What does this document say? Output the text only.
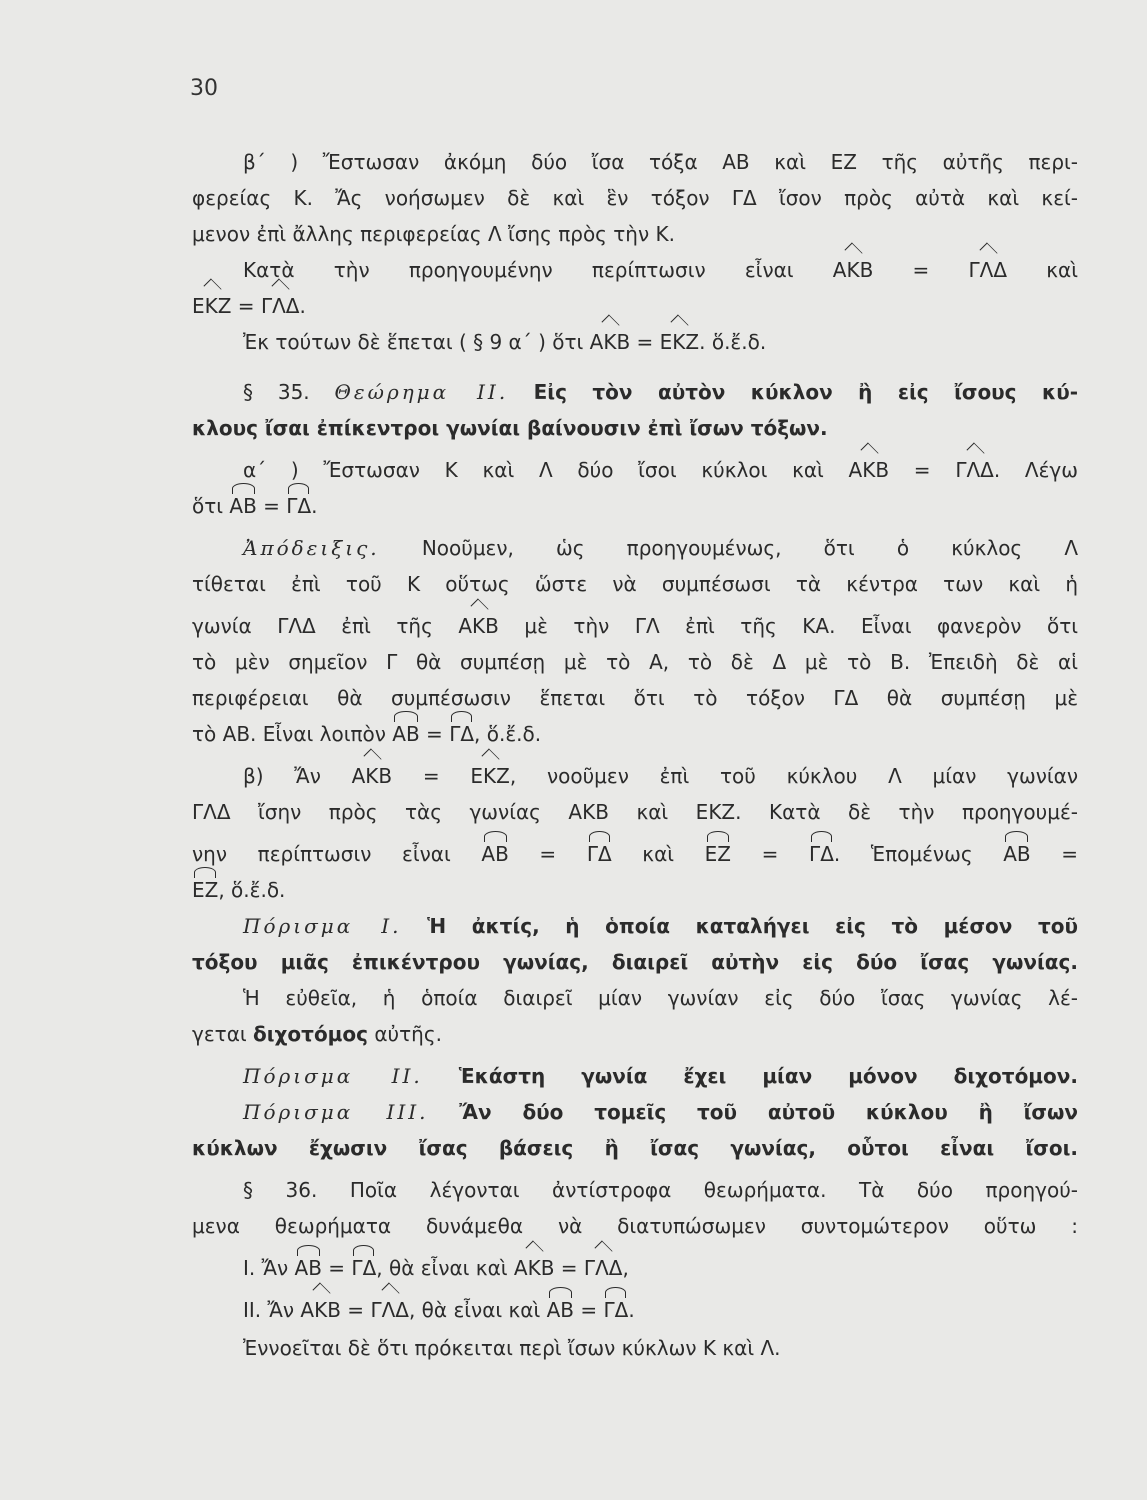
30
β΄ ) Ἔστωσαν ἀκόμη δύο ἴσα τόξα ΑΒ καὶ ΕΖ τῆς αὐτῆς περι-
φερείας Κ. Ἄς νοήσωμεν δὲ καὶ ἓν τόξον ΓΔ ἴσον πρὸς αὐτὰ καὶ κεί-
μενον ἐπὶ ἄλλης περιφερείας Λ ἴσης πρὸς τὴν Κ.
Κατὰ τὴν προηγουμένην περίπτωσιν εἶναι ΑΚΒ = ΓΛΔ καὶ
ΕΚΖ = ΓΛΔ.
Ἐκ τούτων δὲ ἕπεται ( § 9 α΄ ) ὅτι ΑΚΒ = ΕΚΖ. ὅ.ἔ.δ.
§ 35. Θεώρημα ΙΙ. Εἰς τὸν αὐτὸν κύκλον ἢ εἰς ἴσους κύ-
κλους ἴσαι ἐπίκεντροι γωνίαι βαίνουσιν ἐπὶ ἴσων τόξων.
α΄ ) Ἔστωσαν Κ καὶ Λ δύο ἴσοι κύκλοι καὶ ΑΚΒ = ΓΛΔ. Λέγω
ὅτι ΑΒ = ΓΔ.
Ἀπόδειξις. Νοοῦμεν, ὡς προηγουμένως, ὅτι ὁ κύκλος Λ
τίθεται ἐπὶ τοῦ Κ οὕτως ὥστε νὰ συμπέσωσι τὰ κέντρα των καὶ ἡ
γωνία ΓΛΔ ἐπὶ τῆς ΑΚΒ μὲ τὴν ΓΛ ἐπὶ τῆς ΚΑ. Εἶναι φανερὸν ὅτι
τὸ μὲν σημεῖον Γ θὰ συμπέσῃ μὲ τὸ Α, τὸ δὲ Δ μὲ τὸ Β. Ἐπειδὴ δὲ αἱ
περιφέρειαι θὰ συμπέσωσιν ἕπεται ὅτι τὸ τόξον ΓΔ θὰ συμπέσῃ μὲ
τὸ ΑΒ. Εἶναι λοιπὸν ΑΒ = ΓΔ, ὅ.ἔ.δ.
β) Ἄν ΑΚΒ = ΕΚΖ, νοοῦμεν ἐπὶ τοῦ κύκλου Λ μίαν γωνίαν
ΓΛΔ ἴσην πρὸς τὰς γωνίας ΑΚΒ καὶ ΕΚΖ. Κατὰ δὲ τὴν προηγουμέ-
νην περίπτωσιν εἶναι ΑΒ = ΓΔ καὶ ΕΖ = ΓΔ. Ἑπομένως ΑΒ =
ΕΖ, ὅ.ἔ.δ.
Πόρισμα Ι. Ἡ ἀκτίς, ἡ ὁποία καταλήγει εἰς τὸ μέσον τοῦ
τόξου μιᾶς ἐπικέντρου γωνίας, διαιρεῖ αὐτὴν εἰς δύο ἴσας γωνίας.
Ἡ εὐθεῖα, ἡ ὁποία διαιρεῖ μίαν γωνίαν εἰς δύο ἴσας γωνίας λέ-
γεται διχοτόμος αὐτῆς.
Πόρισμα ΙΙ. Ἑκάστη γωνία ἔχει μίαν μόνον διχοτόμον.
Πόρισμα ΙΙΙ. Ἄν δύο τομεῖς τοῦ αὐτοῦ κύκλου ἢ ἴσων
κύκλων ἔχωσιν ἴσας βάσεις ἢ ἴσας γωνίας, οὗτοι εἶναι ἴσοι.
§ 36. Ποῖα λέγονται ἀντίστροφα θεωρήματα. Τὰ δύο προηγού-
μενα θεωρήματα δυνάμεθα νὰ διατυπώσωμεν συντομώτερον οὕτω :
Ι. Ἄν ΑΒ = ΓΔ, θὰ εἶναι καὶ ΑΚΒ = ΓΛΔ,
ΙΙ. Ἄν ΑΚΒ = ΓΛΔ, θὰ εἶναι καὶ ΑΒ = ΓΔ.
Ἐννοεῖται δὲ ὅτι πρόκειται περὶ ἴσων κύκλων Κ καὶ Λ.
